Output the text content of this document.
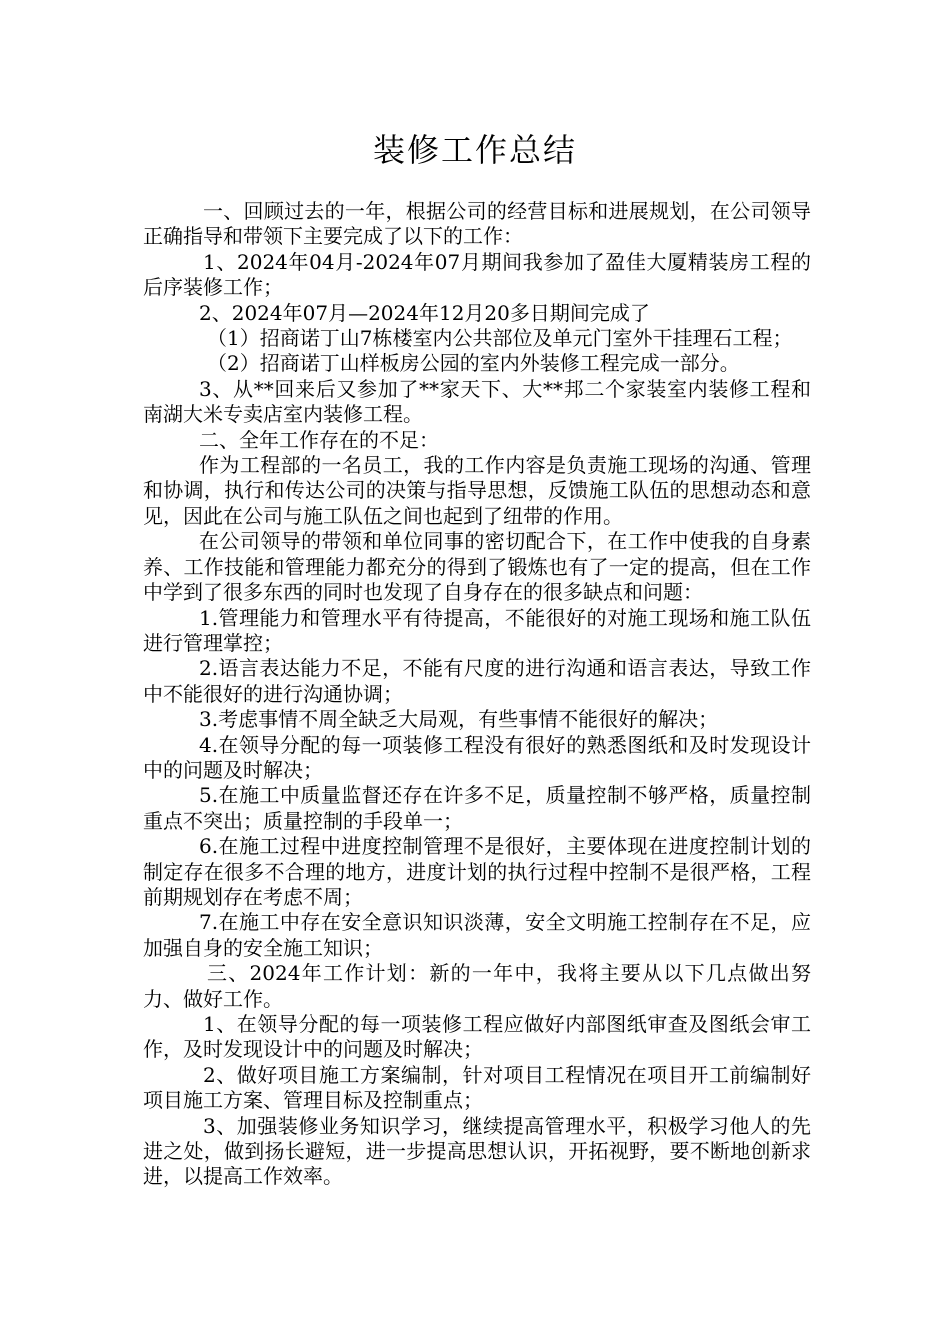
装修工作总结

一、回顾过去的一年，根据公司的经营目标和进展规划，在公司领导正确指导和带领下主要完成了以下的工作：

1、2024年04月-2024年07月期间我参加了盈佳大厦精装房工程的后序装修工作；

2、2024年07月—2024年12月20多日期间完成了

（1）招商诺丁山7栋楼室内公共部位及单元门室外干挂理石工程；

（2）招商诺丁山样板房公园的室内外装修工程完成一部分。

3、从**回来后又参加了**家天下、大**邦二个家装室内装修工程和南湖大米专卖店室内装修工程。

二、全年工作存在的不足：

作为工程部的一名员工，我的工作内容是负责施工现场的沟通、管理和协调，执行和传达公司的决策与指导思想，反馈施工队伍的思想动态和意见，因此在公司与施工队伍之间也起到了纽带的作用。

在公司领导的带领和单位同事的密切配合下，在工作中使我的自身素养、工作技能和管理能力都充分的得到了锻炼也有了一定的提高，但在工作中学到了很多东西的同时也发现了自身存在的很多缺点和问题：

1.管理能力和管理水平有待提高，不能很好的对施工现场和施工队伍进行管理掌控；

2.语言表达能力不足，不能有尺度的进行沟通和语言表达，导致工作中不能很好的进行沟通协调；

3.考虑事情不周全缺乏大局观，有些事情不能很好的解决；

4.在领导分配的每一项装修工程没有很好的熟悉图纸和及时发现设计中的问题及时解决；

5.在施工中质量监督还存在许多不足，质量控制不够严格，质量控制重点不突出；质量控制的手段单一；

6.在施工过程中进度控制管理不是很好，主要体现在进度控制计划的制定存在很多不合理的地方，进度计划的执行过程中控制不是很严格，工程前期规划存在考虑不周；

7.在施工中存在安全意识知识淡薄，安全文明施工控制存在不足，应加强自身的安全施工知识；

三、2024年工作计划：新的一年中，我将主要从以下几点做出努力、做好工作。

1、在领导分配的每一项装修工程应做好内部图纸审查及图纸会审工作，及时发现设计中的问题及时解决；

2、做好项目施工方案编制，针对项目工程情况在项目开工前编制好项目施工方案、管理目标及控制重点；

3、加强装修业务知识学习，继续提高管理水平，积极学习他人的先进之处，做到扬长避短，进一步提高思想认识，开拓视野，要不断地创新求进，以提高工作效率。
